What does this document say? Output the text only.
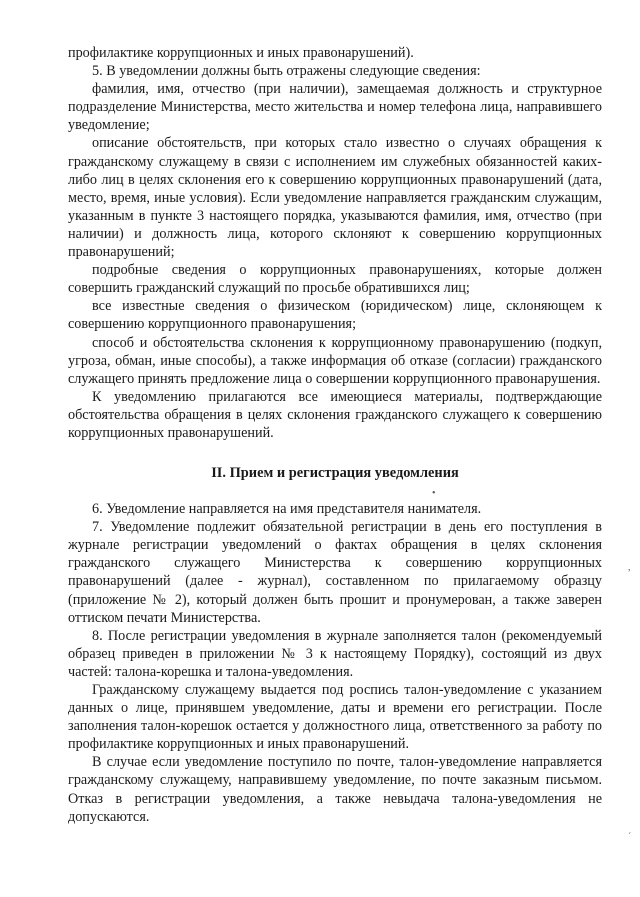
профилактике коррупционных и иных правонарушений).

5. В уведомлении должны быть отражены следующие сведения:

фамилия, имя, отчество (при наличии), замещаемая должность и структурное подразделение Министерства, место жительства и номер телефона лица, направившего уведомление;

описание обстоятельств, при которых стало известно о случаях обращения к гражданскому служащему в связи с исполнением им служебных обязанностей каких-либо лиц в целях склонения его к совершению коррупционных правонарушений (дата, место, время, иные условия). Если уведомление направляется гражданским служащим, указанным в пункте 3 настоящего порядка, указываются фамилия, имя, отчество (при наличии) и должность лица, которого склоняют к совершению коррупционных правонарушений;

подробные сведения о коррупционных правонарушениях, которые должен совершить гражданский служащий по просьбе обратившихся лиц;

все известные сведения о физическом (юридическом) лице, склоняющем к совершению коррупционного правонарушения;

способ и обстоятельства склонения к коррупционному правонарушению (подкуп, угроза, обман, иные способы), а также информация об отказе (согласии) гражданского служащего принять предложение лица о совершении коррупционного правонарушения.

К уведомлению прилагаются все имеющиеся материалы, подтверждающие обстоятельства обращения в целях склонения гражданского служащего к совершению коррупционных правонарушений.

II. Прием и регистрация уведомления

6. Уведомление направляется на имя представителя нанимателя.

7. Уведомление подлежит обязательной регистрации в день его поступления в журнале регистрации уведомлений о фактах обращения в целях склонения гражданского служащего Министерства к совершению коррупционных правонарушений (далее - журнал), составленном по прилагаемому образцу (приложение № 2), который должен быть прошит и пронумерован, а также заверен оттиском печати Министерства.

8. После регистрации уведомления в журнале заполняется талон (рекомендуемый образец приведен в приложении № 3 к настоящему Порядку), состоящий из двух частей: талона-корешка и талона-уведомления.

Гражданскому служащему выдается под роспись талон-уведомление с указанием данных о лице, принявшем уведомление, даты и времени его регистрации. После заполнения талон-корешок остается у должностного лица, ответственного за работу по профилактике коррупционных и иных правонарушений.

В случае если уведомление поступило по почте, талон-уведомление направляется гражданскому служащему, направившему уведомление, по почте заказным письмом. Отказ в регистрации уведомления, а также невыдача талона-уведомления не допускаются.

•
,
´
